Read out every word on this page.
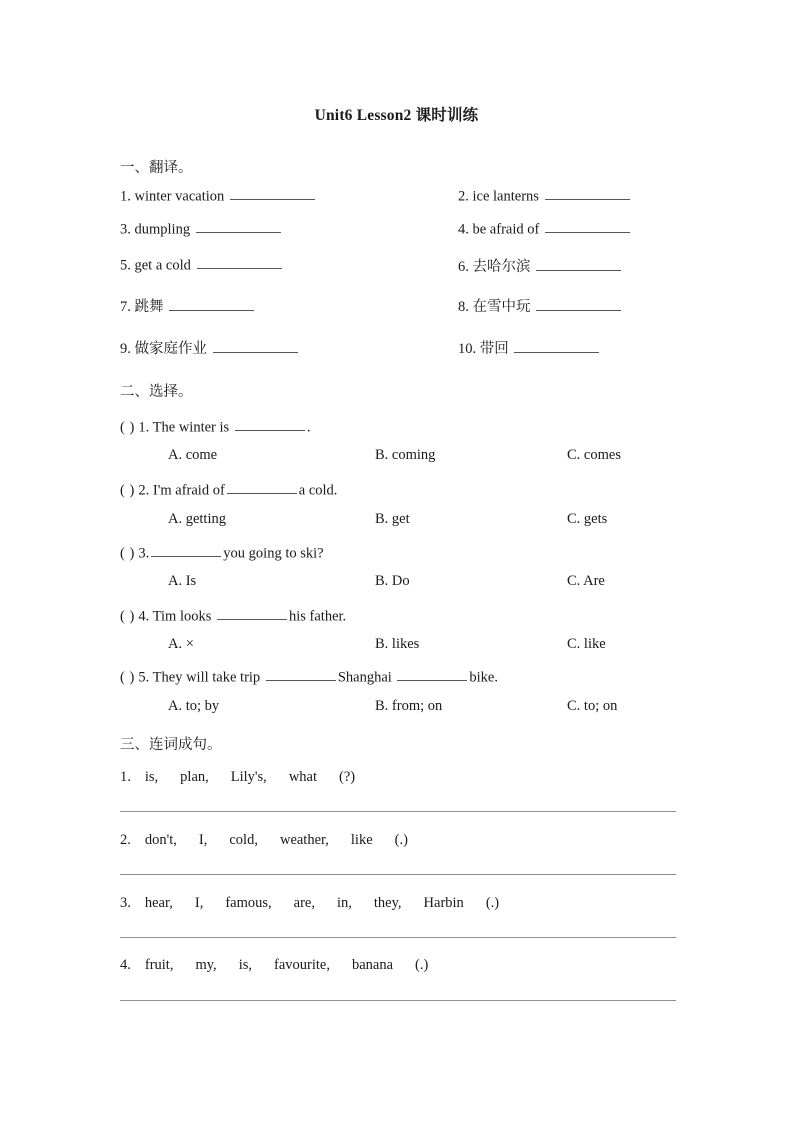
Unit6 Lesson2 课时训练
一、翻译。
1. winter vacation	2. ice lanterns
3. dumpling	4. be afraid of
5. get a cold	6. 去哈尔滨
7. 跳舞	8. 在雪中玩
9. 做家庭作业	10. 带回
二、选择。
( ) 1. The winter is	.
A. come	B. coming	C. comes
( ) 2. I'm afraid of	a cold.
A. getting	B. get	C. gets
( ) 3.	you going to ski?
A. Is	B. Do	C. Are
( ) 4. Tim looks	his father.
A. ×	B. likes	C. like
( ) 5. They will take trip	Shanghai	bike.
A. to; by	B. from; on	C. to; on
三、连词成句。
1. is, plan, Lily's, what (?)
2. don't, I, cold, weather, like (.)
3. hear, I, famous, are, in, they, Harbin (.)
4. fruit, my, is, favourite, banana (.)
